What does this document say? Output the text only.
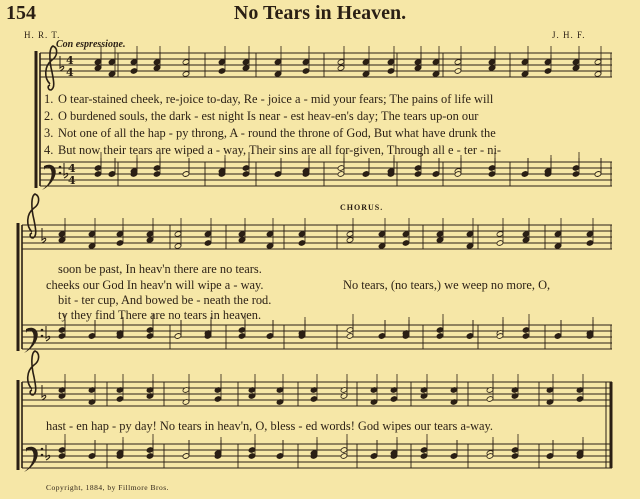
4
4
4
4
154	No Tears in Heaven.
H. R. T.	J. H. F.
Con espressione.
1. O tear-stained cheek, re-joice to-day, Re - joice a - mid your fears; The pains of life will
2. O burdened souls, the dark - est night Is near - est heav-en's day; The tears up-on our
3. Not one of all the hap - py throng, A - round the throne of God, But what have drunk the
4. But now their tears are wiped a - way, Their sins are all for-given, Through all e - ter - ni-
CHORUS.
soon be past, In heav'n there are no tears.
cheeks our God In heav'n will wipe a - way.
bit - ter cup, And bowed be - neath the rod.
ty they find There are no tears in heaven.
No tears, (no tears,) we weep no more, O,
hast - en hap - py day! No tears in heav'n, O, bless - ed words! God wipes our tears a-way.
Copyright, 1884, by Fillmore Bros.
